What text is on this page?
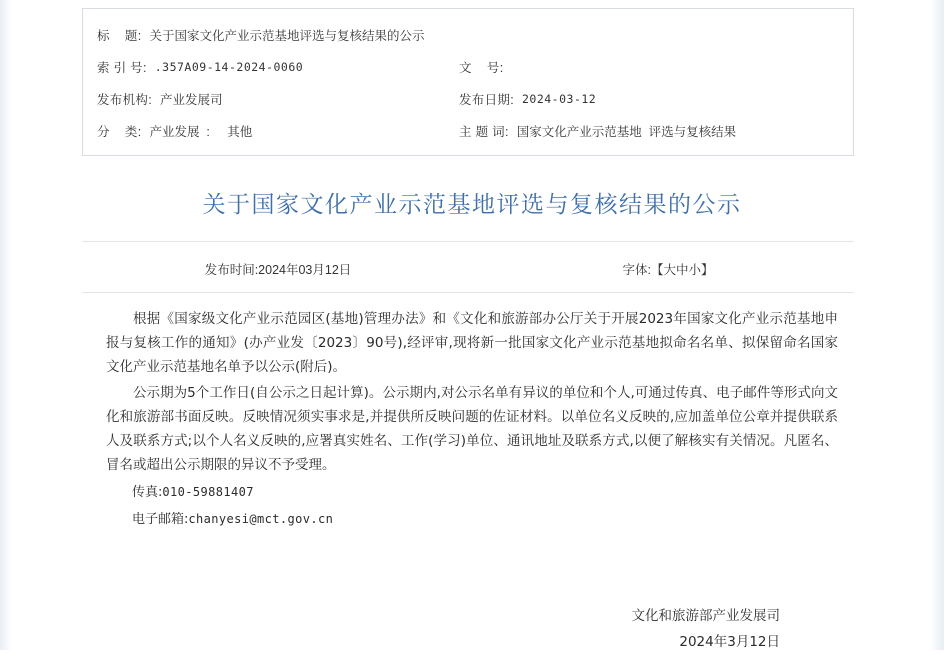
标    题: 关于国家文化产业示范基地评选与复核结果的公示
索 引 号: .357A09-14-2024-0060	文    号:
发布机构: 产业发展司	发布日期: 2024-03-12
分    类: 产业发展  :     其他	主 题 词: 国家文化产业示范基地  评选与复核结果
关于国家文化产业示范基地评选与复核结果的公示
发布时间:2024年03月12日	字体:【大中小】

根据《国家级文化产业示范园区(基地)管理办法》和《文化和旅游部办公厅关于开展2023年国家文化产业示范基地申报与复核工作的通知》(办产业发〔2023〕90号),经评审,现将新一批国家文化产业示范基地拟命名名单、拟保留命名国家文化产业示范基地名单予以公示(附后)。

公示期为5个工作日(自公示之日起计算)。公示期内,对公示名单有异议的单位和个人,可通过传真、电子邮件等形式向文化和旅游部书面反映。反映情况须实事求是,并提供所反映问题的佐证材料。以单位名义反映的,应加盖单位公章并提供联系人及联系方式;以个人名义反映的,应署真实姓名、工作(学习)单位、通讯地址及联系方式,以便了解核实有关情况。凡匿名、冒名或超出公示期限的异议不予受理。

传真:010-59881407

电子邮箱:chanyesi@mct.gov.cn

文化和旅游部产业发展司
2024年3月12日
